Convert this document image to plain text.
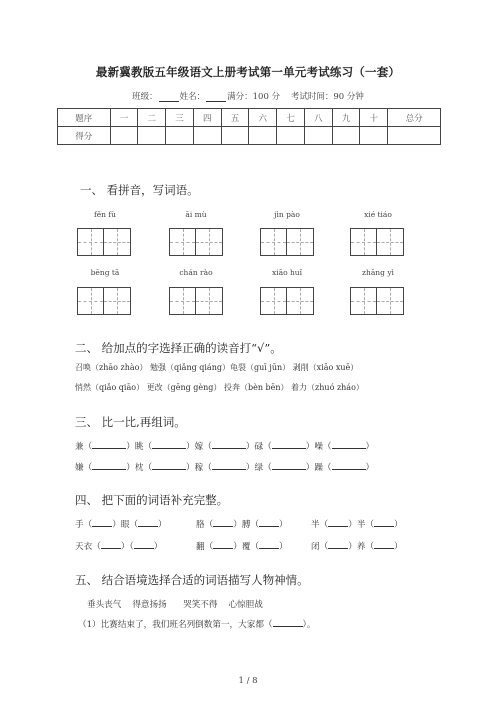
最新冀教版五年级语文上册考试第一单元考试练习（一套）
班级：	姓名：	满分：100 分 考试时间：90 分钟
题序	一	二	三	四	五	六	七	八	九	十	总分
得分											
一、 看拼音，写词语。
fěn fù	āi mù	jìn pào	xié tiáo
bēng tā	chán rào	xiāo huǐ	zhāng yì
二、 给加点的字选择正确的读音打“√”。
召唤（zhāo zhào） 勉强（qiǎng qiáng）龟裂（guī jūn） 剥削（xiāo xuē）
悄然（qiǎo qiāo） 更改（gēng gèng） 投奔（bèn bēn） 着力（zhuó zháo）
三、 比一比,再组词。
兼（	）眺（	）嫁（	）碌（	）噪（	）
嫌（	）枕（	）稼（	）绿（	）躁（	）
四、 把下面的词语补充完整。
手（ ）眼（ ）	胳（ ）膊（ ）	半（ ）半（ ）
天衣（ ）（ ）	翻（ ）覆（ ）	闭（ ）养（ ）
五、 结合语境选择合适的词语描写人物神情。
垂头丧气 得意扬扬 哭笑不得 心惊胆战
（1）比赛结束了，我们班名列倒数第一，大家都（	）。
1 / 8
